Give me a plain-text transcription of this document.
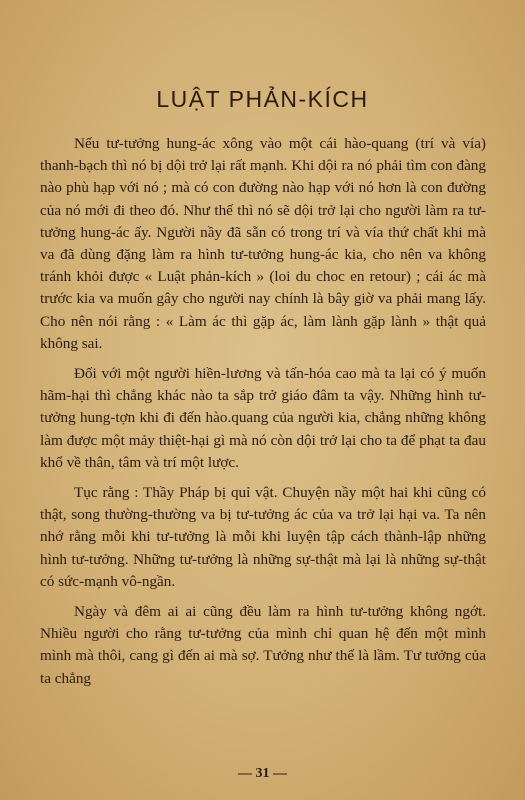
LUẬT PHẢN-KÍCH

Nếu tư-tưởng hung-ác xông vào một cái hào-quang (trí và vía) thanh-bạch thì nó bị dội trở lại rất mạnh. Khi dội ra nó phải tìm con đàng nào phù hạp với nó ; mà có con đường nào hạp với nó hơn là con đường của nó mới đi theo đó. Như thế thì nó sẽ dội trở lại cho người làm ra tư-tưởng hung-ác ấy. Người nầy đã sẵn có trong trí và vía thứ chất khi mà va đã dùng đặng làm ra hình tư-tưởng hung-ác kia, cho nên va không tránh khỏi được « Luật phản-kích » (loi du choc en retour) ; cái ác mà trước kia va muốn gây cho người nay chính là bây giờ va phải mang lấy. Cho nên nói rằng : « Làm ác thì gặp ác, làm lành gặp lành » thật quả không sai.

Đối với một người hiền-lương và tấn-hóa cao mà ta lại có ý muốn hãm-hại thì chẳng khác nào ta sắp trở giáo đâm ta vậy. Những hình tư-tưởng hung-tợn khi đi đến hào.quang của người kia, chẳng những không làm được một mảy thiệt-hại gì mà nó còn dội trở lại cho ta để phạt ta đau khổ về thân, tâm và trí một lược.

Tục rằng : Thầy Pháp bị quỉ vật. Chuyện nầy một hai khi cũng có thật, song thường-thường va bị tư-tưởng ác của va trở lại hại va. Ta nên nhớ rằng mỗi khi tư-tưởng là mỗi khi luyện tập cách thành-lập những hình tư-tưởng. Những tư-tưởng là những sự-thật mà lại là những sự-thật có sức-mạnh vô-ngần.

Ngày và đêm ai ai cũng đều làm ra hình tư-tưởng không ngớt. Nhiều người cho rằng tư-tưởng của mình chỉ quan hệ đến một mình mình mà thôi, cang gì đến ai mà sợ. Tưởng như thế là lầm. Tư tưởng của ta chẳng

— 31 —
